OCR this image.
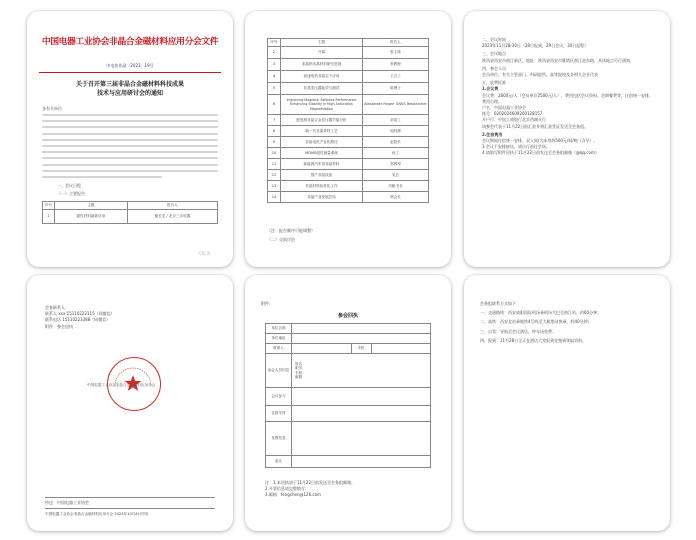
中国电器工业协会非晶合金磁材料应用分会文件
中电协非晶〔2023〕19号
关于召开第三届非晶合金磁材料科技成果
技术与应用研讨会的通知
各有关单位：
一、会议日程
（一）主要报告
序号	主题	报告人
1	磁性材料最新应用	谢长龙 / 北京三水电器
天眼查
序号	主题	报告人
2	开幕	张主席
3	非晶纳米晶材料研究进展	李教授
4	高速电机非晶定子应用	王总工
5	非晶变压器能效与测试	陈博士
6	Improving Magnetic Softness Performance Enhancing Stability in High-Saturation Magnetization	Alexander Fegeri GNSS Researcher
7	配电网非晶合金变压器节能分析	刘高工
8	新一代非晶带材工艺	周经理
9	非晶电机产业化路径	赵院长
10	MDMS磁性测量系统	孙工
11	新能源汽车用非晶材料	郑教授
12	国产非晶设备	吴总
13	非晶材料标准化工作	冯秘书长
14	非晶产业发展总结	韩会长
（注：报告顺序可能调整）
（二）交流讨论
二、会议时间
2023年11月28-30日（28日报到，29日会议，30日返程）
三、会议地点
陕西省西安市曲江新区，地址：陕西省西安市雁塔区曲江池东路，具体地点另行通知。
四、参会人员
会员单位、有关主管部门、科研院所、高等院校及各相关企业代表
五、收费标准
1.会议费
会议费：2800元/人（会员单位2500元/人），费用包括会议资料、会期餐费等，住宿统一安排，费用自理。
户名：中国电器工业协会
账号：0202024609200128157
开户行：中国工商银行北京西城支行
请参会代表于11月22日前汇款并将汇款凭证发送至会务组。
2.住宿费用
会议期间住宿统一安排，双人间/大床房约500元/间/晚（含早）。
3.会议不安排接送，请自行前往会场。
4.请填写附件回执于11月22日前发送至会务组邮箱（@qq.com）
会务联系人：
联系人 xxx 15110222115（同微信）
联系电话 15110223388（同微信）
附件：参会回执
中国电器工业协会非晶合金磁材料应用分会
抄送：中国电器工业协会
中国电器工业协会非晶合金磁材料应用分会 2023年10月8日印发
附件：
参会回执
单位名称			
单位地址			
联系人		手机	
参会人员信息	姓名
职务
手机
邮箱		

会议参与			
住宿安排			
发票信息			
备注			
注：1.本回执请于11月22日前发送至会务组邮箱；
2.开票信息请完整填写；
3.邮箱：fengchen@126.com
会务组联系方式如下：
一、交通路线：西安咸阳国际机场乘机场大巴至曲江站，约60分钟；
二、高铁：西安北站乘地铁4号线至大雁塔站换乘，约40分钟；
三、自驾：导航至会议酒店，停车场免费；
四、报到：11月28日全天在酒店大堂报到处签到领取资料。
